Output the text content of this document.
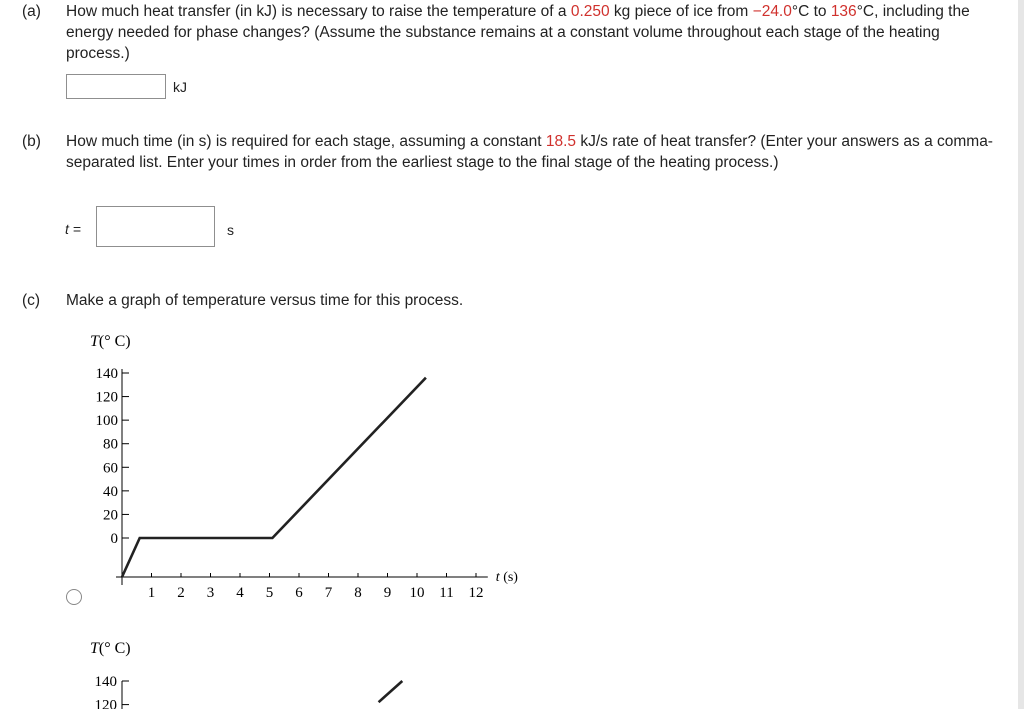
(a) How much heat transfer (in kJ) is necessary to raise the temperature of a 0.250 kg piece of ice from −24.0°C to 136°C, including the energy needed for phase changes? (Assume the substance remains at a constant volume throughout each stage of the heating process.)
kJ
(b) How much time (in s) is required for each stage, assuming a constant 18.5 kJ/s rate of heat transfer? (Enter your answers as a comma-separated list. Enter your times in order from the earliest stage to the final stage of the heating process.)
t =	s
(c) Make a graph of temperature versus time for this process.
T(° C)
140
120
100
80
60
40
20
0
1 2 3 4 5 6 7 8 9 10 11 12
t (s)
T(° C)
140
120
